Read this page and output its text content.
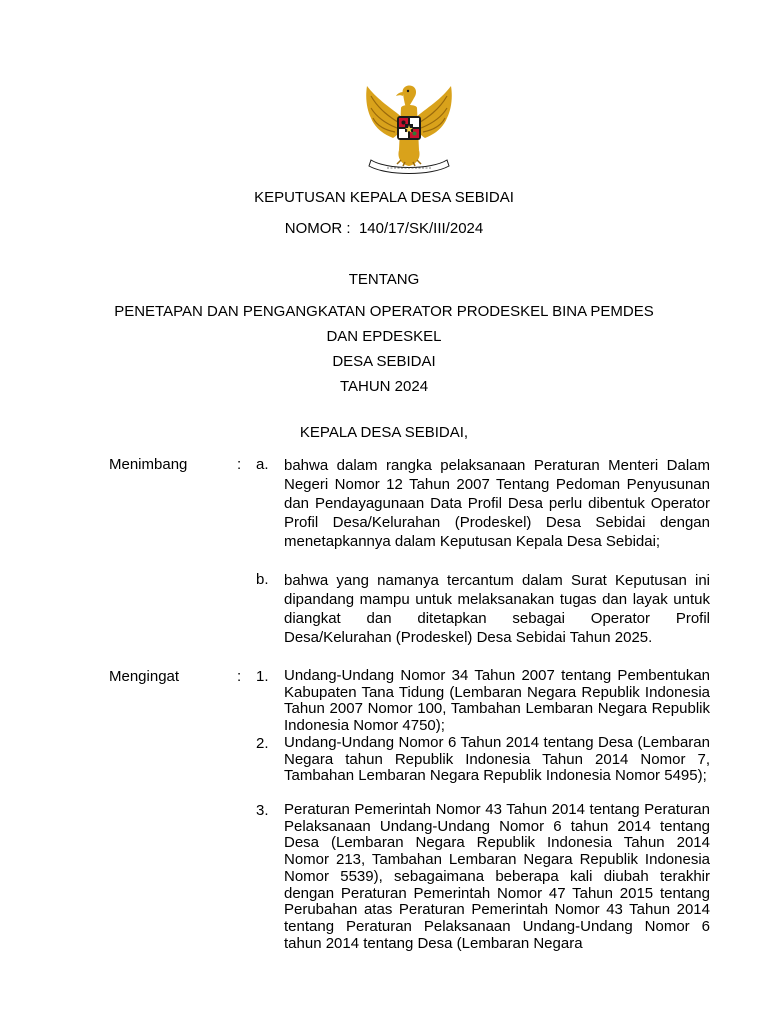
KEPUTUSAN KEPALA DESA SEBIDAI
NOMOR : 140/17/SK/III/2024
TENTANG
PENETAPAN DAN PENGANGKATAN OPERATOR PRODESKEL BINA PEMDES
DAN EPDESKEL
DESA SEBIDAI
TAHUN 2024
KEPALA DESA SEBIDAI,
Menimbang	: a. bahwa dalam rangka pelaksanaan Peraturan Menteri Dalam Negeri Nomor 12 Tahun 2007 Tentang Pedoman Penyusunan dan Pendayagunaan Data Profil Desa perlu dibentuk Operator Profil Desa/Kelurahan (Prodeskel) Desa Sebidai dengan menetapkannya dalam Keputusan Kepala Desa Sebidai;
b. bahwa yang namanya tercantum dalam Surat Keputusan ini dipandang mampu untuk melaksanakan tugas dan layak untuk diangkat dan ditetapkan sebagai Operator Profil Desa/Kelurahan (Prodeskel) Desa Sebidai Tahun 2025.
Mengingat	: 1. Undang-Undang Nomor 34 Tahun 2007 tentang Pembentukan Kabupaten Tana Tidung (Lembaran Negara Republik Indonesia Tahun 2007 Nomor 100, Tambahan Lembaran Negara Republik Indonesia Nomor 4750);
2. Undang-Undang Nomor 6 Tahun 2014 tentang Desa (Lembaran Negara tahun Republik Indonesia Tahun 2014 Nomor 7, Tambahan Lembaran Negara Republik Indonesia Nomor 5495);
3. Peraturan Pemerintah Nomor 43 Tahun 2014 tentang Peraturan Pelaksanaan Undang-Undang Nomor 6 tahun 2014 tentang Desa (Lembaran Negara Republik Indonesia Tahun 2014 Nomor 213, Tambahan Lembaran Negara Republik Indonesia Nomor 5539), sebagaimana beberapa kali diubah terakhir dengan Peraturan Pemerintah Nomor 47 Tahun 2015 tentang Perubahan atas Peraturan Pemerintah Nomor 43 Tahun 2014 tentang Peraturan Pelaksanaan Undang-Undang Nomor 6 tahun 2014 tentang Desa (Lembaran Negara
